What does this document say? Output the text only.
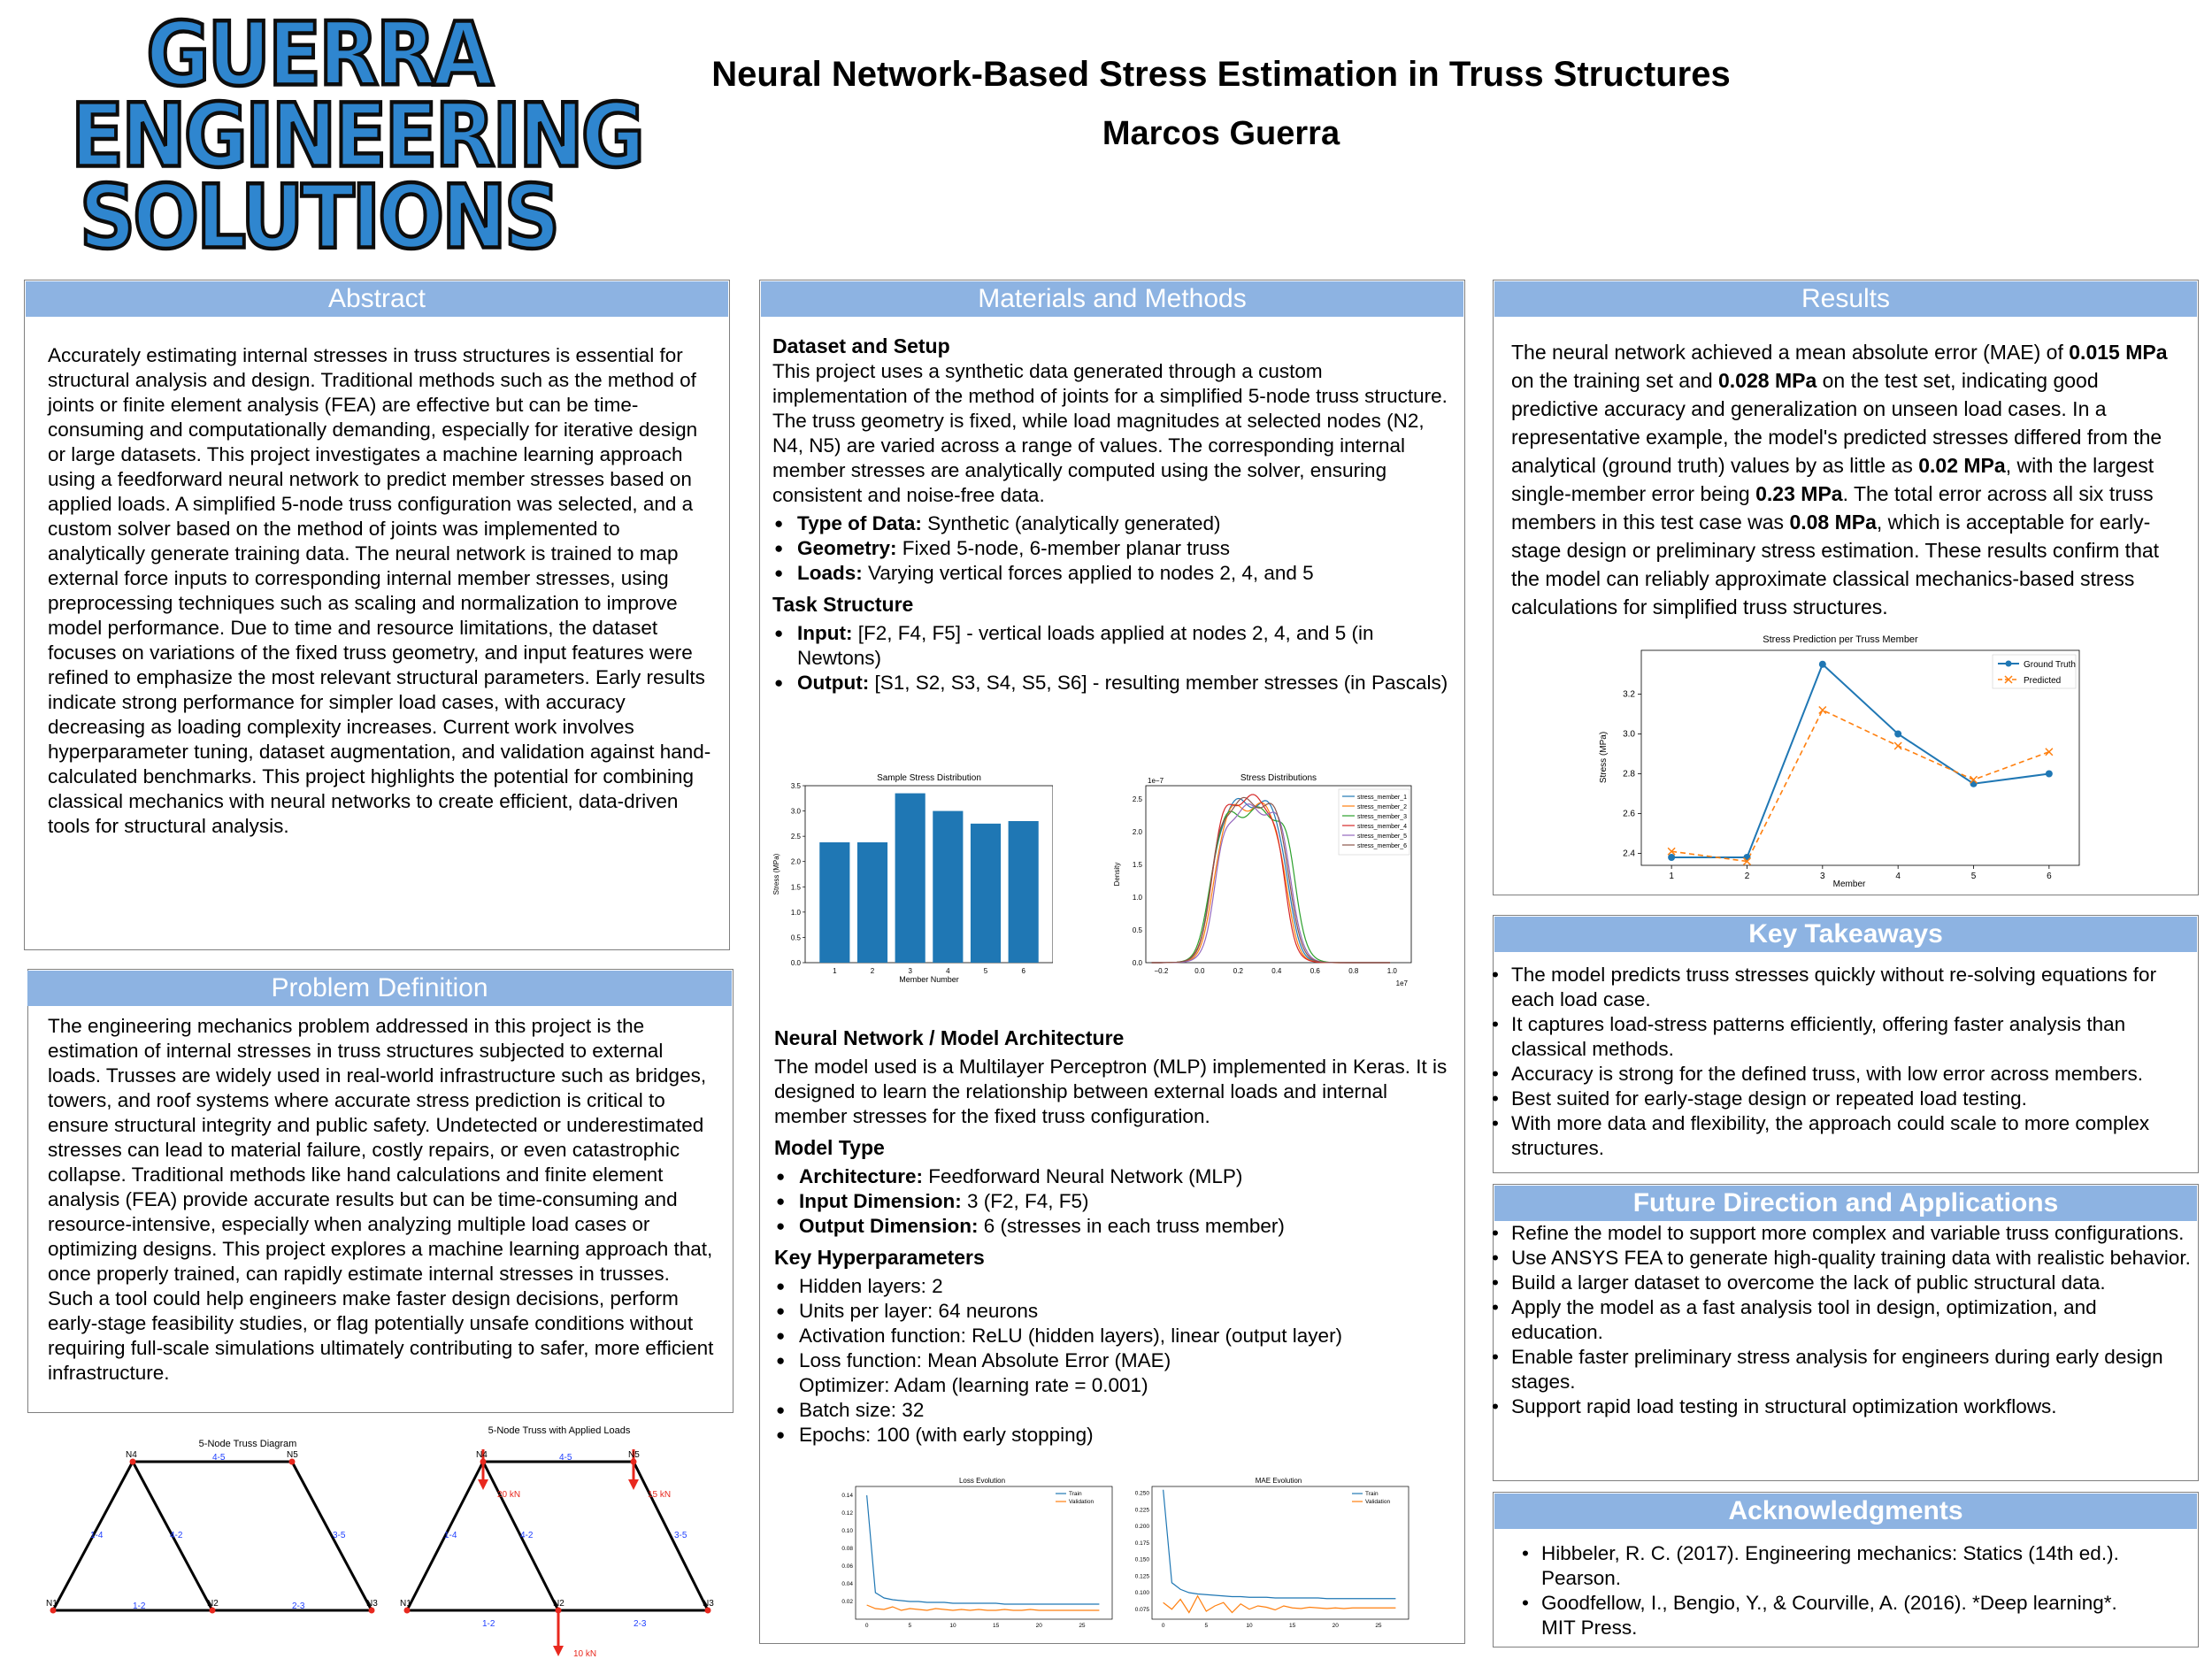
GUERRA
ENGINEERING
SOLUTIONS
Neural Network-Based Stress Estimation in Truss Structures
Marcos Guerra
Abstract
Accurately estimating internal stresses in truss structures is essential for structural analysis and design. Traditional methods such as the method of joints or finite element analysis (FEA) are effective but can be time-consuming and computationally demanding, especially for iterative design or large datasets. This project investigates a machine learning approach using a feedforward neural network to predict member stresses based on applied loads. A simplified 5-node truss configuration was selected, and a custom solver based on the method of joints was implemented to analytically generate training data. The neural network is trained to map external force inputs to corresponding internal member stresses, using preprocessing techniques such as scaling and normalization to improve model performance. Due to time and resource limitations, the dataset focuses on variations of the fixed truss geometry, and input features were refined to emphasize the most relevant structural parameters. Early results indicate strong performance for simpler load cases, with accuracy decreasing as loading complexity increases. Current work involves hyperparameter tuning, dataset augmentation, and validation against hand-calculated benchmarks. This project highlights the potential for combining classical mechanics with neural networks to create efficient, data-driven tools for structural analysis.
Problem Definition
The engineering mechanics problem addressed in this project is the estimation of internal stresses in truss structures subjected to external loads. Trusses are widely used in real-world infrastructure such as bridges, towers, and roof systems where accurate stress prediction is critical to ensure structural integrity and public safety. Undetected or underestimated stresses can lead to material failure, costly repairs, or even catastrophic collapse. Traditional methods like hand calculations and finite element analysis (FEA) provide accurate results but can be time-consuming and resource-intensive, especially when analyzing multiple load cases or optimizing designs. This project explores a machine learning approach that, once properly trained, can rapidly estimate internal stresses in trusses. Such a tool could help engineers make faster design decisions, perform early-stage feasibility studies, or flag potentially unsafe conditions without requiring full-scale simulations ultimately contributing to safer, more efficient infrastructure.
5-Node Truss Diagram
N1	N2	N3
N4	N5
1-2	2-3
1-4	4-2
4-5
3-5
5-Node Truss with Applied Loads
20 kN	15 kN
10 kN
N1	N2	N3
N4	N5
1-2	2-3
1-4	4-2
4-5
3-5
Materials and Methods
Dataset and Setup
This project uses a synthetic data generated through a custom implementation of the method of joints for a simplified 5-node truss structure. The truss geometry is fixed, while load magnitudes at selected nodes (N2, N4, N5) are varied across a range of values. The corresponding internal member stresses are analytically computed using the solver, ensuring consistent and noise-free data.
● Type of Data: Synthetic (analytically generated)
● Geometry: Fixed 5-node, 6-member planar truss
● Loads: Varying vertical forces applied to nodes 2, 4, and 5
Task Structure
● Input: [F2, F4, F5] - vertical loads applied at nodes 2, 4, and 5 (in Newtons)
● Output: [S1, S2, S3, S4, S5, S6] - resulting member stresses (in Pascals)
Sample Stress Distribution
0.0
0.5
1.0
1.5
2.0
2.5
3.0
3.5
1	2	3	4	5	6
Member Number
Stress (MPa)
Stress Distributions
1e−7
0.0
0.5
1.0
1.5
2.0
2.5
−0.2	0.0	0.2	0.4	0.6	0.8	1.0
1e7
Density
stress_member_1
stress_member_2
stress_member_3
stress_member_4
stress_member_5
stress_member_6
Neural Network / Model Architecture
The model used is a Multilayer Perceptron (MLP) implemented in Keras. It is designed to learn the relationship between external loads and internal member stresses for the fixed truss configuration.
Model Type
● Architecture: Feedforward Neural Network (MLP)
● Input Dimension: 3 (F2, F4, F5)
● Output Dimension: 6 (stresses in each truss member)
Key Hyperparameters
● Hidden layers: 2
● Units per layer: 64 neurons
● Activation function: ReLU (hidden layers), linear (output layer)
● Loss function: Mean Absolute Error (MAE)
Optimizer: Adam (learning rate = 0.001)
● Batch size: 32
● Epochs: 100 (with early stopping)
Loss Evolution
0.02
0.04
0.06
0.08
0.10
0.12
0.14
0	5	10	15	20	25
Train
Validation
MAE Evolution
0.075
0.100
0.125
0.150
0.175
0.200
0.225
0.250
0	5	10	15	20	25
Train
Validation
Results
The neural network achieved a mean absolute error (MAE) of 0.015 MPa on the training set and 0.028 MPa on the test set, indicating good predictive accuracy and generalization on unseen load cases. In a representative example, the model's predicted stresses differed from the analytical (ground truth) values by as little as 0.02 MPa, with the largest single-member error being 0.23 MPa. The total error across all six truss members in this test case was 0.08 MPa, which is acceptable for early-stage design or preliminary stress estimation. These results confirm that the model can reliably approximate classical mechanics-based stress calculations for simplified truss structures.
Stress Prediction per Truss Member
2.4
2.6
2.8
3.0
3.2
1	2	3	4	5	6
Member
Stress (MPa)
Ground Truth
Predicted
Key Takeaways
• The model predicts truss stresses quickly without re-solving equations for each load case.
• It captures load-stress patterns efficiently, offering faster analysis than classical methods.
• Accuracy is strong for the defined truss, with low error across members.
• Best suited for early-stage design or repeated load testing.
• With more data and flexibility, the approach could scale to more complex structures.
Future Direction and Applications
• Refine the model to support more complex and variable truss configurations.
• Use ANSYS FEA to generate high-quality training data with realistic behavior.
• Build a larger dataset to overcome the lack of public structural data.
• Apply the model as a fast analysis tool in design, optimization, and education.
• Enable faster preliminary stress analysis for engineers during early design stages.
• Support rapid load testing in structural optimization workflows.
Acknowledgments
• Hibbeler, R. C. (2017). Engineering mechanics: Statics (14th ed.). Pearson.
• Goodfellow, I., Bengio, Y., & Courville, A. (2016). *Deep learning*. MIT Press.
